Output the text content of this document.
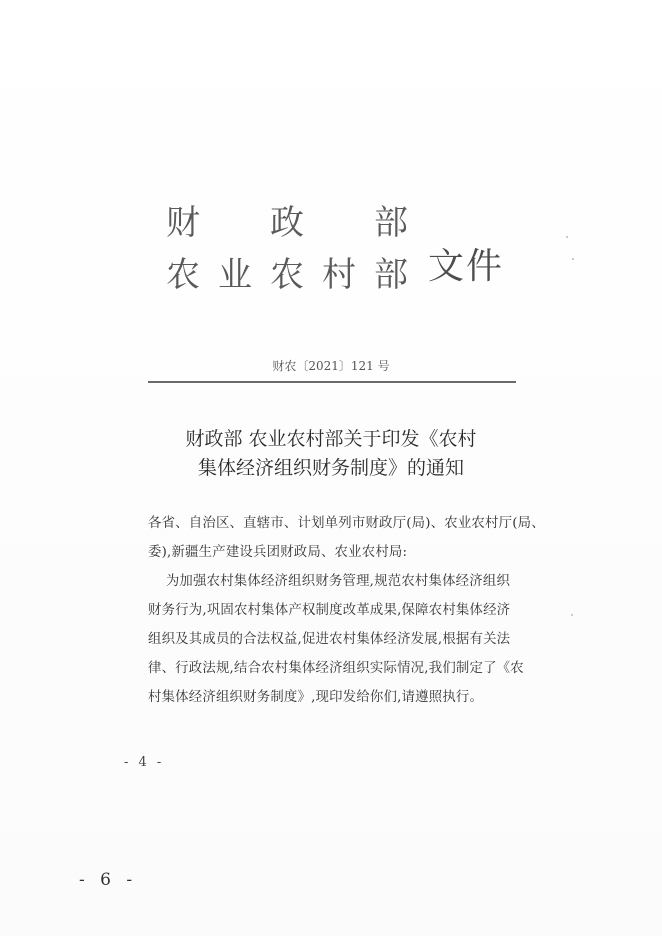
财 政 部
农 业 农 村 部 文件
财农〔2021〕121 号
财政部 农业农村部关于印发《农村
集体经济组织财务制度》的通知
各省、自治区、直辖市、计划单列市财政厅(局)、农业农村厅(局、
委),新疆生产建设兵团财政局、农业农村局:
为加强农村集体经济组织财务管理,规范农村集体经济组织
财务行为,巩固农村集体产权制度改革成果,保障农村集体经济
组织及其成员的合法权益,促进农村集体经济发展,根据有关法
律、行政法规,结合农村集体经济组织实际情况,我们制定了《农
村集体经济组织财务制度》,现印发给你们,请遵照执行。
- 4 -
- 6 -
